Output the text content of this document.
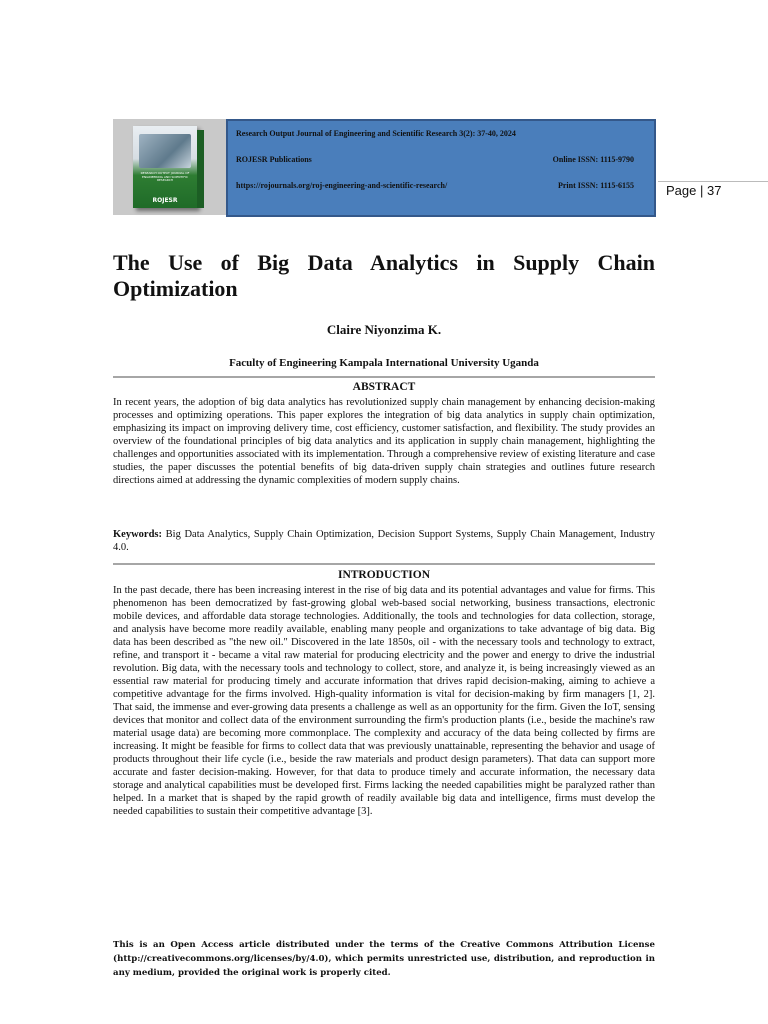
RESEARCH OUTPUT JOURNAL OF ENGINEERING AND SCIENTIFIC RESEARCH
ROJESR
Research Output Journal of Engineering and Scientific Research 3(2): 37-40, 2024
ROJESR Publications	Online ISSN: 1115-9790
https://rojournals.org/roj-engineering-and-scientific-research/	Print ISSN: 1115-6155 Page | 37
The Use of Big Data Analytics in Supply Chain Optimization
Claire Niyonzima K.
Faculty of Engineering Kampala International University Uganda
ABSTRACT

In recent years, the adoption of big data analytics has revolutionized supply chain management by enhancing decision-making processes and optimizing operations. This paper explores the integration of big data analytics in supply chain optimization, emphasizing its impact on improving delivery time, cost efficiency, customer satisfaction, and flexibility. The study provides an overview of the foundational principles of big data analytics and its application in supply chain management, highlighting the challenges and opportunities associated with its implementation. Through a comprehensive review of existing literature and case studies, the paper discusses the potential benefits of big data-driven supply chain strategies and outlines future research directions aimed at addressing the dynamic complexities of modern supply chains.

Keywords: Big Data Analytics, Supply Chain Optimization, Decision Support Systems, Supply Chain Management, Industry 4.0.

INTRODUCTION

In the past decade, there has been increasing interest in the rise of big data and its potential advantages and value for firms. This phenomenon has been democratized by fast-growing global web-based social networking, business transactions, electronic mobile devices, and affordable data storage technologies. Additionally, the tools and technologies for data collection, storage, and analysis have become more readily available, enabling many people and organizations to take advantage of big data. Big data has been described as "the new oil." Discovered in the late 1850s, oil - with the necessary tools and technology to extract, refine, and transport it - became a vital raw material for producing electricity and the power and energy to drive the industrial revolution. Big data, with the necessary tools and technology to collect, store, and analyze it, is being increasingly viewed as an essential raw material for producing timely and accurate information that drives rapid decision-making, aiming to achieve a competitive advantage for the firms involved. High-quality information is vital for decision-making by firm managers [1, 2]. That said, the immense and ever-growing data presents a challenge as well as an opportunity for the firm. Given the IoT, sensing devices that monitor and collect data of the environment surrounding the firm's production plants (i.e., beside the machine's raw material usage data) are becoming more commonplace. The complexity and accuracy of the data being collected by firms are increasing. It might be feasible for firms to collect data that was previously unattainable, representing the behavior and usage of products throughout their life cycle (i.e., beside the raw materials and product design parameters). That data can support more accurate and faster decision-making. However, for that data to produce timely and accurate information, the necessary data storage and analytical capabilities must be developed first. Firms lacking the needed capabilities might be paralyzed rather than helped. In a market that is shaped by the rapid growth of readily available big data and intelligence, firms must develop the needed capabilities to sustain their competitive advantage [3].

This is an Open Access article distributed under the terms of the Creative Commons Attribution License (http://creativecommons.org/licenses/by/4.0), which permits unrestricted use, distribution, and reproduction in any medium, provided the original work is properly cited.
